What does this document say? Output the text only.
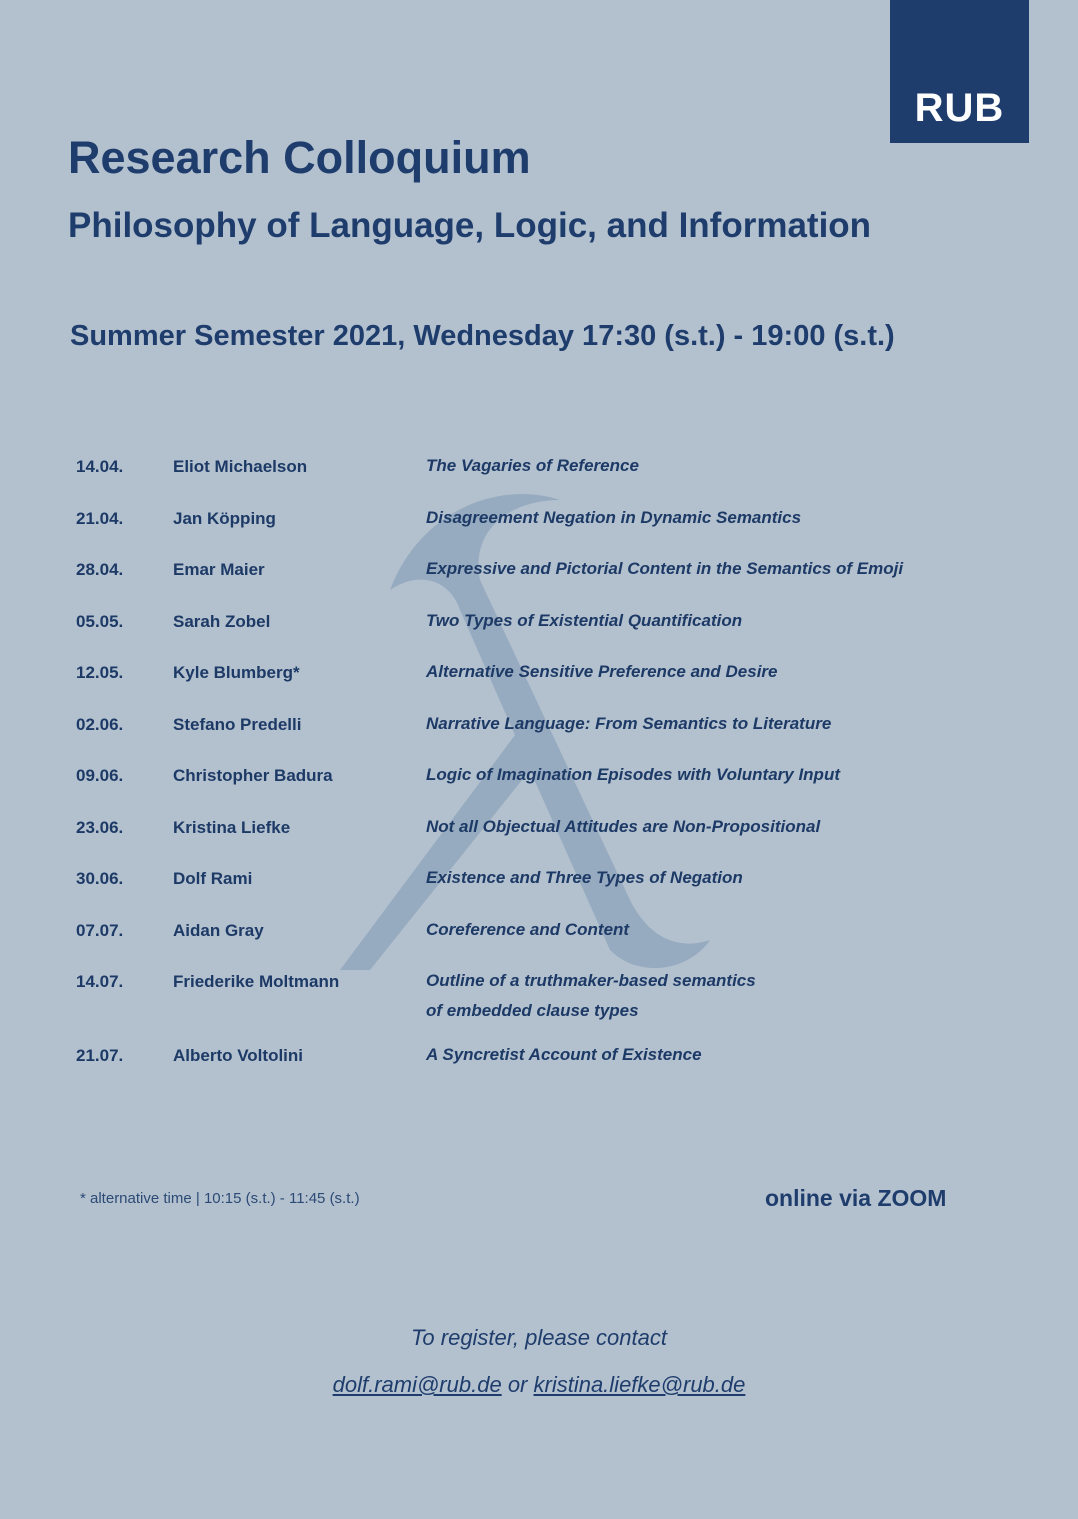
RUB
Research Colloquium
Philosophy of Language, Logic, and Information
Summer Semester 2021, Wednesday 17:30 (s.t.) - 19:00 (s.t.)
14.04.	Eliot Michaelson	The Vagaries of Reference
21.04.	Jan Köpping	Disagreement Negation in Dynamic Semantics
28.04.	Emar Maier	Expressive and Pictorial Content in the Semantics of Emoji
05.05.	Sarah Zobel	Two Types of Existential Quantification
12.05.	Kyle Blumberg*	Alternative Sensitive Preference and Desire
02.06.	Stefano Predelli	Narrative Language: From Semantics to Literature
09.06.	Christopher Badura	Logic of Imagination Episodes with Voluntary Input
23.06.	Kristina Liefke	Not all Objectual Attitudes are Non-Propositional
30.06.	Dolf Rami	Existence and Three Types of Negation
07.07.	Aidan Gray	Coreference and Content
14.07.	Friederike Moltmann	Outline of a truthmaker-based semantics
of embedded clause types
21.07.	Alberto Voltolini	A Syncretist Account of Existence
* alternative time | 10:15 (s.t.) - 11:45 (s.t.)	online via ZOOM
To register, please contact
dolf.rami@rub.de or kristina.liefke@rub.de
